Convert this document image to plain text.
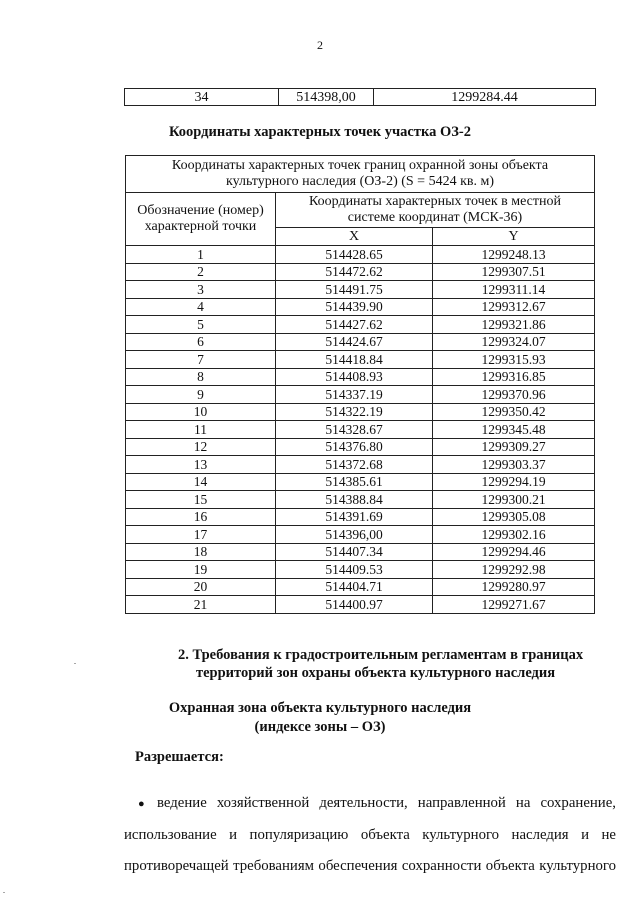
2
34	514398,00	1299284.44
Координаты характерных точек участка ОЗ-2
Координаты характерных точек границ охранной зоны объекта
культурного наследия (ОЗ-2) (S = 5424 кв. м)		
Обозначение (номер)
характерной точки	Координаты характерных точек в местной
системе координат (МСК-36)	
	X	Y
1	514428.65	1299248.13
2	514472.62	1299307.51
3	514491.75	1299311.14
4	514439.90	1299312.67
5	514427.62	1299321.86
6	514424.67	1299324.07
7	514418.84	1299315.93
8	514408.93	1299316.85
9	514337.19	1299370.96
10	514322.19	1299350.42
11	514328.67	1299345.48
12	514376.80	1299309.27
13	514372.68	1299303.37
14	514385.61	1299294.19
15	514388.84	1299300.21
16	514391.69	1299305.08
17	514396,00	1299302.16
18	514407.34	1299294.46
19	514409.53	1299292.98
20	514404.71	1299280.97
21	514400.97	1299271.67
.	2. Требования к градостроительным регламентам в границах
территорий зон охраны объекта культурного наследия
Охранная зона объекта культурного наследия
(индексе зоны – ОЗ)
Разрешается:
● ведение хозяйственной деятельности, направленной на сохранение,
использование и популяризацию объекта культурного наследия и не
противоречащей требованиям обеспечения сохранности объекта культурного
.
